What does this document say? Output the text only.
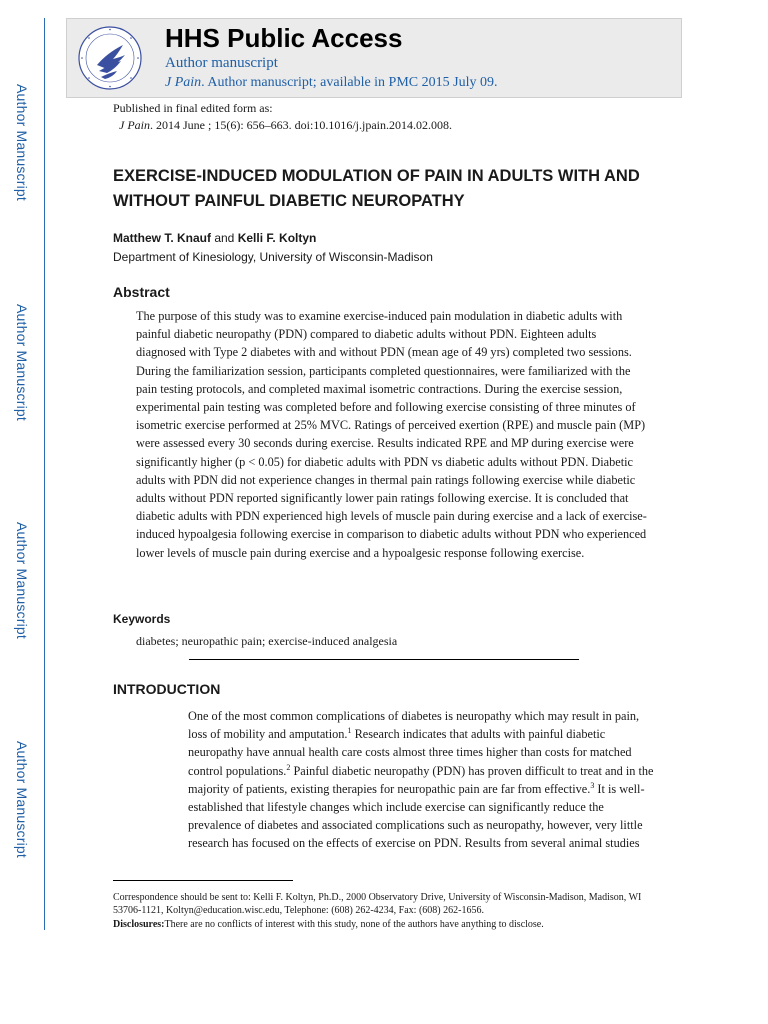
Author Manuscript
Author Manuscript
Author Manuscript
Author Manuscript
HHS Public Access
Author manuscript
J Pain. Author manuscript; available in PMC 2015 July 09.
Published in final edited form as:
J Pain. 2014 June ; 15(6): 656–663. doi:10.1016/j.jpain.2014.02.008.
EXERCISE-INDUCED MODULATION OF PAIN IN ADULTS WITH AND WITHOUT PAINFUL DIABETIC NEUROPATHY
Matthew T. Knauf and Kelli F. Koltyn
Department of Kinesiology, University of Wisconsin-Madison
Abstract
The purpose of this study was to examine exercise-induced pain modulation in diabetic adults with painful diabetic neuropathy (PDN) compared to diabetic adults without PDN. Eighteen adults diagnosed with Type 2 diabetes with and without PDN (mean age of 49 yrs) completed two sessions. During the familiarization session, participants completed questionnaires, were familiarized with the pain testing protocols, and completed maximal isometric contractions. During the exercise session, experimental pain testing was completed before and following exercise consisting of three minutes of isometric exercise performed at 25% MVC. Ratings of perceived exertion (RPE) and muscle pain (MP) were assessed every 30 seconds during exercise. Results indicated RPE and MP during exercise were significantly higher (p < 0.05) for diabetic adults with PDN vs diabetic adults without PDN. Diabetic adults with PDN did not experience changes in thermal pain ratings following exercise while diabetic adults without PDN reported significantly lower pain ratings following exercise. It is concluded that diabetic adults with PDN experienced high levels of muscle pain during exercise and a lack of exercise-induced hypoalgesia following exercise in comparison to diabetic adults without PDN who experienced lower levels of muscle pain during exercise and a hypoalgesic response following exercise.
Keywords
diabetes; neuropathic pain; exercise-induced analgesia
INTRODUCTION
One of the most common complications of diabetes is neuropathy which may result in pain, loss of mobility and amputation.$^1$ Research indicates that adults with painful diabetic neuropathy have annual health care costs almost three times higher than costs for matched control populations.$^2$ Painful diabetic neuropathy (PDN) has proven difficult to treat and in the majority of patients, existing therapies for neuropathic pain are far from effective.$^3$ It is well-established that lifestyle changes which include exercise can significantly reduce the prevalence of diabetes and associated complications such as neuropathy, however, very little research has focused on the effects of exercise on PDN. Results from several animal studies
Correspondence should be sent to: Kelli F. Koltyn, Ph.D., 2000 Observatory Drive, University of Wisconsin-Madison, Madison, WI 53706-1121, Koltyn@education.wisc.edu, Telephone: (608) 262-4234, Fax: (608) 262-1656.
Disclosures:There are no conflicts of interest with this study, none of the authors have anything to disclose.
